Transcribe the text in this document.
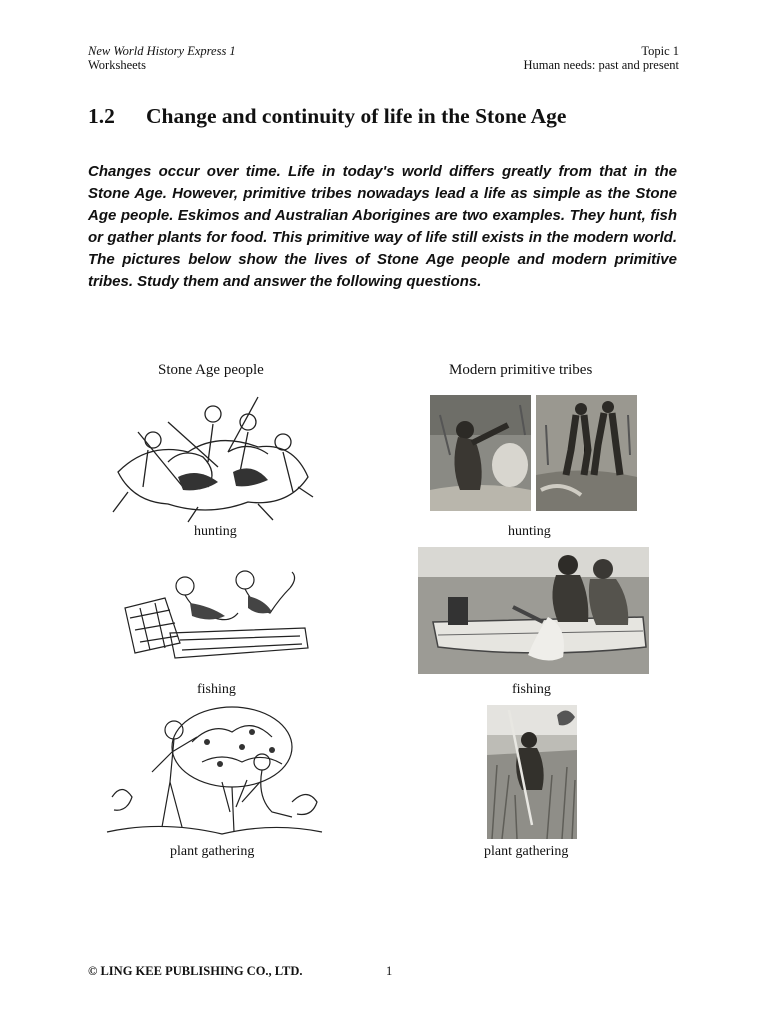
New World History Express 1
Worksheets
Topic 1
Human needs: past and present
1.2 Change and continuity of life in the Stone Age
Changes occur over time. Life in today's world differs greatly from that in the Stone Age. However, primitive tribes nowadays lead a life as simple as the Stone Age people. Eskimos and Australian Aborigines are two examples. They hunt, fish or gather plants for food. This primitive way of life still exists in the modern world. The pictures below show the lives of Stone Age people and modern primitive tribes. Study them and answer the following questions.
Stone Age people	Modern primitive tribes
hunting
fishing
plant gathering
hunting
fishing
plant gathering
© LING KEE PUBLISHING CO., LTD.	1
